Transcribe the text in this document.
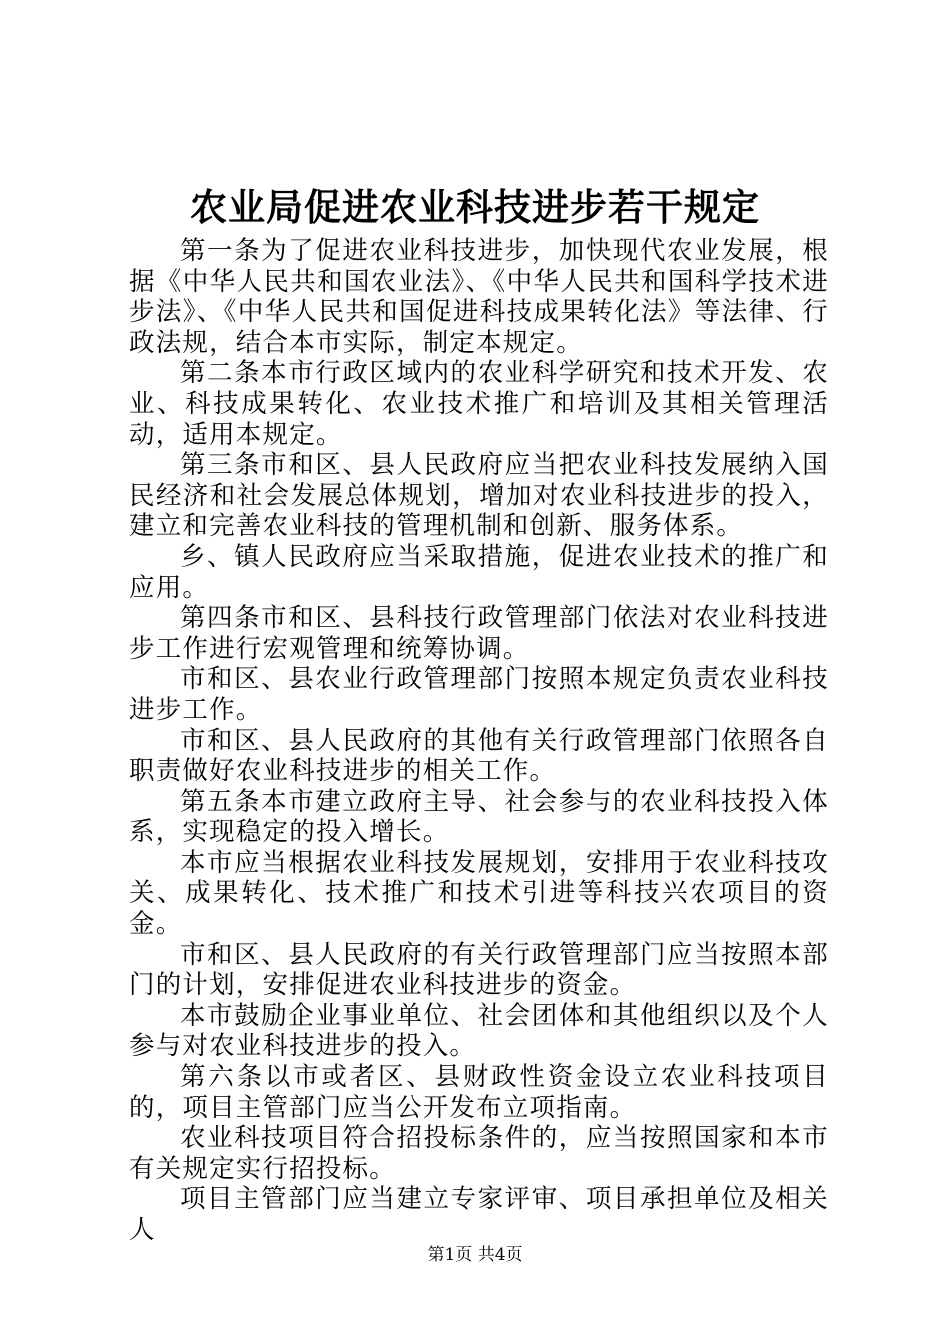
农业局促进农业科技进步若干规定

第一条为了促进农业科技进步，加快现代农业发展，根据《中华人民共和国农业法》、《中华人民共和国科学技术进步法》、《中华人民共和国促进科技成果转化法》等法律、行政法规，结合本市实际，制定本规定。

第二条本市行政区域内的农业科学研究和技术开发、农业、科技成果转化、农业技术推广和培训及其相关管理活动，适用本规定。

第三条市和区、县人民政府应当把农业科技发展纳入国民经济和社会发展总体规划，增加对农业科技进步的投入，建立和完善农业科技的管理机制和创新、服务体系。

乡、镇人民政府应当采取措施，促进农业技术的推广和应用。

第四条市和区、县科技行政管理部门依法对农业科技进步工作进行宏观管理和统筹协调。

市和区、县农业行政管理部门按照本规定负责农业科技进步工作。

市和区、县人民政府的其他有关行政管理部门依照各自职责做好农业科技进步的相关工作。

第五条本市建立政府主导、社会参与的农业科技投入体系，实现稳定的投入增长。

本市应当根据农业科技发展规划，安排用于农业科技攻关、成果转化、技术推广和技术引进等科技兴农项目的资金。

市和区、县人民政府的有关行政管理部门应当按照本部门的计划，安排促进农业科技进步的资金。

本市鼓励企业事业单位、社会团体和其他组织以及个人参与对农业科技进步的投入。

第六条以市或者区、县财政性资金设立农业科技项目的，项目主管部门应当公开发布立项指南。

农业科技项目符合招投标条件的，应当按照国家和本市有关规定实行招投标。

项目主管部门应当建立专家评审、项目承担单位及相关人

第1页 共4页
